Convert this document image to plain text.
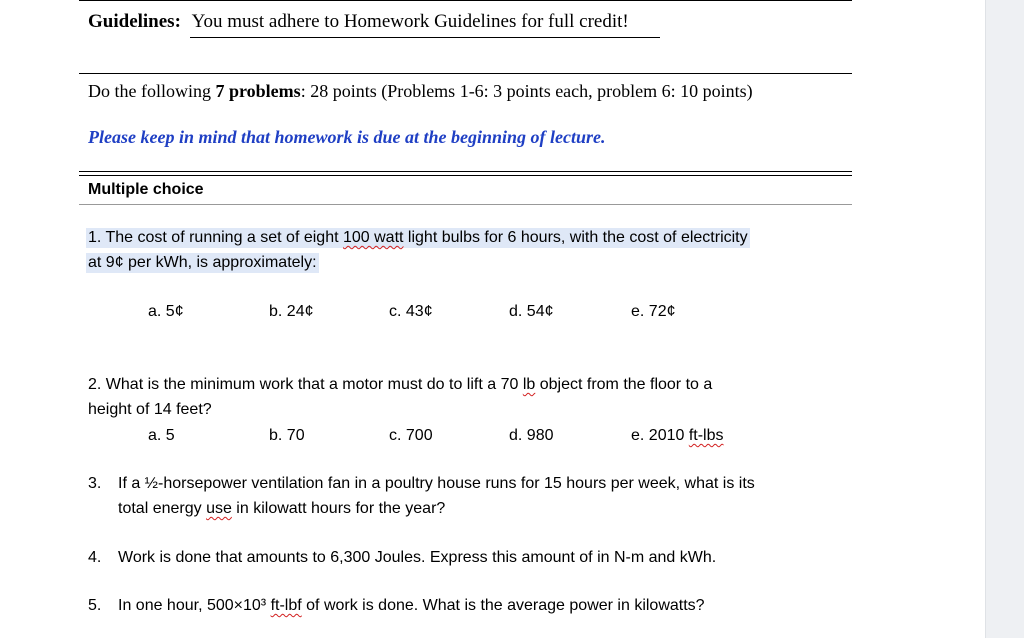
Guidelines: You must adhere to Homework Guidelines for full credit!
Do the following 7 problems: 28 points (Problems 1-6: 3 points each, problem 6: 10 points)
Please keep in mind that homework is due at the beginning of lecture.
Multiple choice
1. The cost of running a set of eight 100 watt light bulbs for 6 hours, with the cost of electricity
at 9¢ per kWh, is approximately:
a. 5¢	b. 24¢	c. 43¢	d. 54¢	e. 72¢
2. What is the minimum work that a motor must do to lift a 70 lb object from the floor to a
height of 14 feet?
a. 5	b. 70	c. 700	d. 980	e. 2010 ft-lbs
3. If a ½-horsepower ventilation fan in a poultry house runs for 15 hours per week, what is its
total energy use in kilowatt hours for the year?
4. Work is done that amounts to 6,300 Joules. Express this amount of in N-m and kWh.
5. In one hour, 500×10³ ft-lbf of work is done. What is the average power in kilowatts?
